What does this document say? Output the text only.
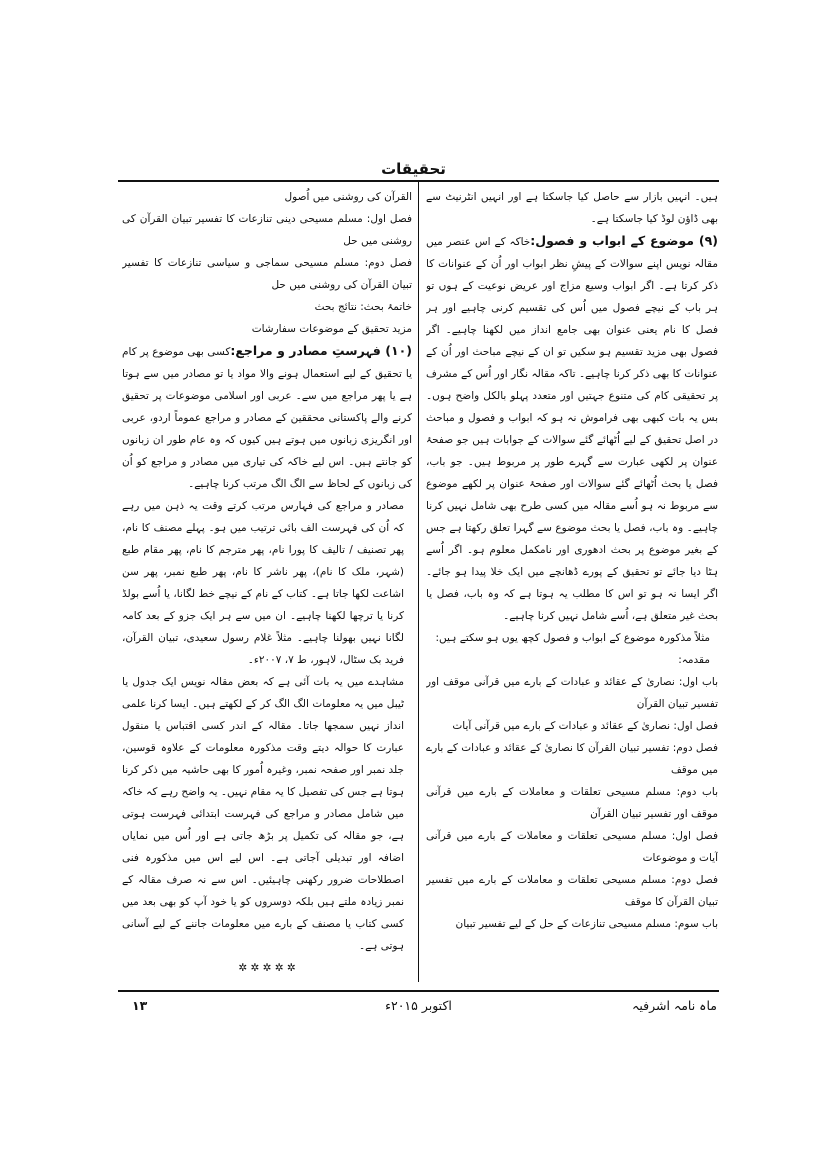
تحقیقات

ہیں۔ انہیں بازار سے حاصل کیا جاسکتا ہے اور انہیں انٹرنیٹ سے بھی ڈاؤن لوڈ کیا جاسکتا ہے۔

(۹) موضوع کے ابواب و فصول:خاکہ کے اس عنصر میں مقالہ نویس اپنے سوالات کے پیشِ نظر ابواب اور اُن کے عنوانات کا ذکر کرتا ہے۔ اگر ابواب وسیع مزاج اور عریض نوعیت کے ہوں تو ہر باب کے نیچے فصول میں اُس کی تقسیم کرنی چاہیے اور ہر فصل کا نام یعنی عنوان بھی جامع انداز میں لکھنا چاہیے۔ اگر فصول بھی مزید تقسیم ہو سکیں تو ان کے نیچے مباحث اور اُن کے عنوانات کا بھی ذکر کرنا چاہیے۔ تاکہ مقالہ نگار اور اُس کے مشرف پر تحقیقی کام کی متنوع جہتیں اور متعدد پہلو بالکل واضح ہوں۔ بس یہ بات کبھی بھی فراموش نہ ہو کہ ابواب و فصول و مباحث در اصل تحقیق کے لیے اُٹھائے گئے سوالات کے جوابات ہیں جو صفحۂ عنوان پر لکھی عبارت سے گہرے طور پر مربوط ہیں۔ جو باب، فصل یا بحث اُٹھائے گئے سوالات اور صفحۂ عنوان پر لکھے موضوع سے مربوط نہ ہو اُسے مقالہ میں کسی طرح بھی شامل نہیں کرنا چاہیے۔ وہ باب، فصل یا بحث موضوع سے گہرا تعلق رکھتا ہے جس کے بغیر موضوع پر بحث ادھوری اور نامکمل معلوم ہو۔ اگر اُسے ہٹا دیا جائے تو تحقیق کے پورے ڈھانچے میں ایک خلا پیدا ہو جائے۔ اگر ایسا نہ ہو تو اس کا مطلب یہ ہوتا ہے کہ وہ باب، فصل یا بحث غیر متعلق ہے، اُسے شامل نہیں کرنا چاہیے۔

مثلاً مذکورہ موضوع کے ابواب و فصول کچھ یوں ہو سکتے ہیں:

مقدمہ:

باب اول: نصاریٰ کے عقائد و عبادات کے بارے میں قرآنی موقف اور تفسیر تبیان القرآن

فصل اول: نصاریٰ کے عقائد و عبادات کے بارے میں قرآنی آیات

فصل دوم: تفسیر تبیان القرآن کا نصاریٰ کے عقائد و عبادات کے بارے میں موقف

باب دوم: مسلم مسیحی تعلقات و معاملات کے بارے میں قرآنی موقف اور تفسیر تبیان القرآن

فصل اول: مسلم مسیحی تعلقات و معاملات کے بارے میں قرآنی آیات و موضوعات

فصل دوم: مسلم مسیحی تعلقات و معاملات کے بارے میں تفسیر تبیان القرآن کا موقف

باب سوم: مسلم مسیحی تنازعات کے حل کے لیے تفسیر تبیان

القرآن کی روشنی میں اُصول

فصل اول: مسلم مسیحی دینی تنازعات کا تفسیر تبیان القرآن کی روشنی میں حل

فصل دوم: مسلم مسیحی سماجی و سیاسی تنازعات کا تفسیر تبیان القرآن کی روشنی میں حل

خاتمۂ بحث: نتائج بحث

مزید تحقیق کے موضوعات سفارشات

(۱۰) فہرستِ مصادر و مراجع:کسی بھی موضوع پر کام یا تحقیق کے لیے استعمال ہونے والا مواد یا تو مصادر میں سے ہوتا ہے یا پھر مراجع میں سے۔ عربی اور اسلامی موضوعات پر تحقیق کرنے والے پاکستانی محققین کے مصادر و مراجع عموماً اردو، عربی اور انگریزی زبانوں میں ہوتے ہیں کیوں کہ وہ عام طور ان زبانوں کو جانتے ہیں۔ اس لیے خاکہ کی تیاری میں مصادر و مراجع کو اُن کی زبانوں کے لحاظ سے الگ الگ مرتب کرنا چاہیے۔

مصادر و مراجع کی فہارس مرتب کرتے وقت یہ ذہن میں رہے کہ اُن کی فہرست الف بائی ترتیب میں ہو۔ پہلے مصنف کا نام، پھر تصنیف / تالیف کا پورا نام، پھر مترجم کا نام، پھر مقام طبع (شہر، ملک کا نام)، پھر ناشر کا نام، پھر طبع نمبر، پھر سن اشاعت لکھا جاتا ہے۔ کتاب کے نام کے نیچے خط لگانا، یا اُسے بولڈ کرنا یا ترچھا لکھنا چاہیے۔ ان میں سے ہر ایک جزو کے بعد کامہ لگانا نہیں بھولنا چاہیے۔ مثلاً غلام رسول سعیدی، تبیان القرآن، فرید بک سٹال، لاہور، ط ۷، ۲۰۰۷ء۔

مشاہدے میں یہ بات آئی ہے کہ بعض مقالہ نویس ایک جدول یا ٹیبل میں یہ معلومات الگ الگ کر کے لکھتے ہیں۔ ایسا کرنا علمی انداز نہیں سمجھا جاتا۔ مقالہ کے اندر کسی اقتباس یا منقول عبارت کا حوالہ دیتے وقت مذکورہ معلومات کے علاوہ قوسین، جلد نمبر اور صفحہ نمبر، وغیرہ اُمور کا بھی حاشیہ میں ذکر کرنا ہوتا ہے جس کی تفصیل کا یہ مقام نہیں۔ یہ واضح رہے کہ خاکہ میں شامل مصادر و مراجع کی فہرست ابتدائی فہرست ہوتی ہے، جو مقالہ کی تکمیل پر بڑھ جاتی ہے اور اُس میں نمایاں اضافہ اور تبدیلی آجاتی ہے۔ اس لیے اس میں مذکورہ فنی اصطلاحات ضرور رکھنی چاہیئیں۔ اس سے نہ صرف مقالہ کے نمبر زیادہ ملتے ہیں بلکہ دوسروں کو یا خود آپ کو بھی بعد میں کسی کتاب یا مصنف کے بارے میں معلومات جاننے کے لیے آسانی ہوتی ہے۔

✲ ✲ ✲ ✲ ✲

ماہ نامہ اشرفیہ
اکتوبر ۲۰۱۵ء
۱۳
